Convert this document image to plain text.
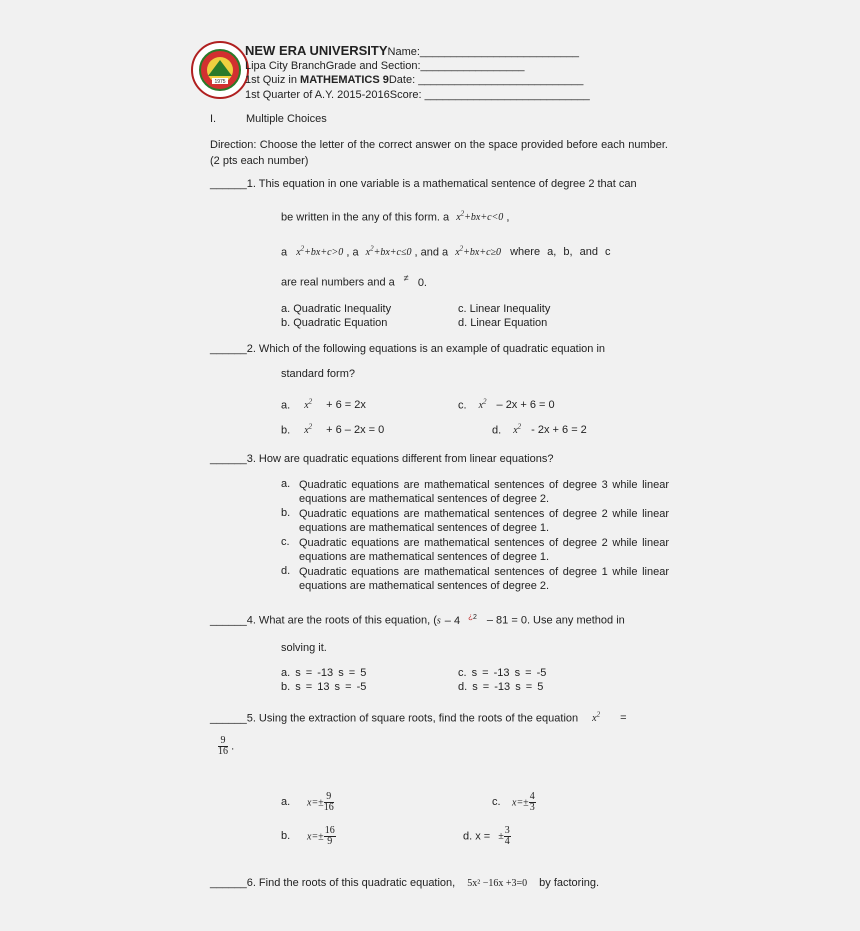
1975
NEW ERA UNIVERSITYName:__________________________
Lipa City BranchGrade and Section:_________________
1st Quiz in MATHEMATICS 9Date: ___________________________
1st Quarter of A.Y. 2015-2016Score: ___________________________
I.	Multiple Choices
Direction: Choose the letter of the correct answer on the space provided before each number. (2 pts each number)
______1. This equation in one variable is a mathematical sentence of degree 2 that can
be written in the any of this form. a $x^2+bx+c<0$ ,
a $x^2+bx+c>0$ , a $x^2+bx+c\le 0$ , and a $x^2+bx+c\ge 0$ where a, b, and c
are real numbers and a ≠ 0.
a. Quadratic Inequality
b. Quadratic Equation
c. Linear Inequality
d. Linear Equation
______2. Which of the following equations is an example of quadratic equation in
standard form?
a. $x^2 + 6 = 2x$
b. $x^2 + 6 - 2x = 0$
c. $x^2 - 2x + 6 = 0$
d. $x^2 - 2x + 6 = 2$
______3. How are quadratic equations different from linear equations?
a. Quadratic equations are mathematical sentences of degree 3 while linear equations are mathematical sentences of degree 2.
b. Quadratic equations are mathematical sentences of degree 2 while linear equations are mathematical sentences of degree 1.
c. Quadratic equations are mathematical sentences of degree 2 while linear equations are mathematical sentences of degree 1.
d. Quadratic equations are mathematical sentences of degree 1 while linear equations are mathematical sentences of degree 2.
______4. What are the roots of this equation, (s – 4 $^{¿2}$ – 81 = 0. Use any method in
solving it.
a. s = -13 s = 5
b. s = 13 s = -5
c. s = -13 s = -5
d. s = -13 s = 5
______5. Using the extraction of square roots, find the roots of the equation $x^2$ =
$\frac{9}{16}$ .
a. $x=\pm \frac{9}{16}$
b. $x=\pm \frac{16}{9}$
c. $x=\pm \frac{4}{3}$
d. x = ± $\frac{3}{4}$
______6. Find the roots of this quadratic equation, 5x² −16x +3=0 by factoring.
